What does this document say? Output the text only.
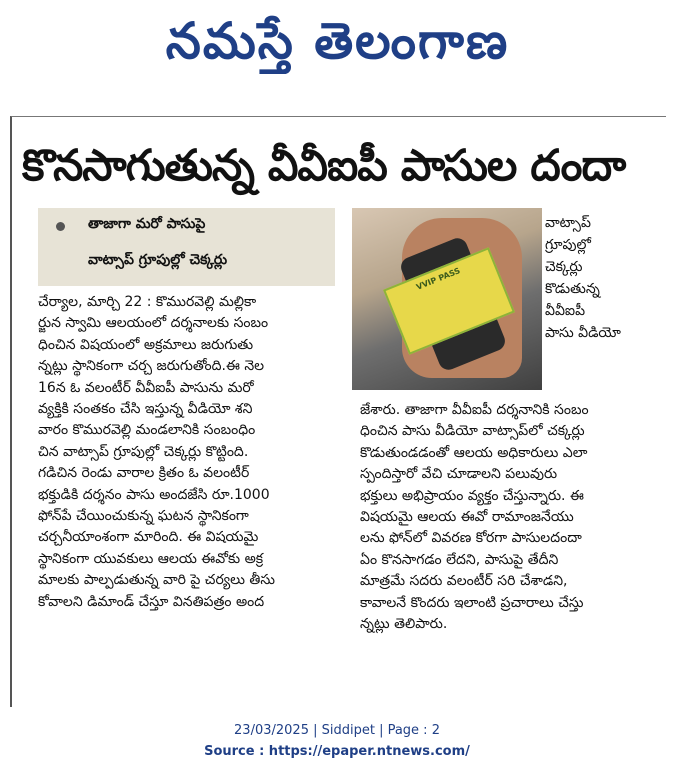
నమస్తే తెలంగాణ
కొనసాగుతున్న వీవీఐపీ పాసుల దందా
తాజాగా మరో పాసుపై
వాట్సాప్ గ్రూపుల్లో చెక్కర్లు
VVIP PASS
వాట్సాప్
గ్రూపుల్లో
చెక్కర్లు
కొడుతున్న
వీవీఐపీ
పాసు వీడియో

చేర్యాల, మార్చి 22 : కొమురవెల్లి మల్లికా

ర్జున స్వామి ఆలయంలో దర్శనాలకు సంబం

ధించిన విషయంలో అక్రమాలు జరుగుతు

న్నట్లు స్థానికంగా చర్చ జరుగుతోంది.ఈ నెల

16న ఓ వలంటీర్ వీవీఐపీ పాసును మరో

వ్యక్తికి సంతకం చేసి ఇస్తున్న వీడియో శని

వారం కొమురవెల్లి మండలానికి సంబంధిం

చిన వాట్సాప్ గ్రూపుల్లో చెక్కర్లు కొట్టింది.

గడిచిన రెండు వారాల క్రితం ఓ వలంటీర్

భక్తుడికి దర్శనం పాసు అందజేసి రూ.1000

ఫోన్‌పే చేయించుకున్న ఘటన స్థానికంగా

చర్చనీయాంశంగా మారింది. ఈ విషయమై

స్థానికంగా యువకులు ఆలయ ఈవోకు అక్ర

మాలకు పాల్పడుతున్న వారి పై చర్యలు తీసు

కోవాలని డిమాండ్ చేస్తూ వినతిపత్రం అంద

జేశారు. తాజాగా వీవీఐపీ దర్శనానికి సంబం

ధించిన పాసు వీడియో వాట్సాప్‌లో చక్కర్లు

కొడుతుండడంతో ఆలయ అధికారులు ఎలా

స్పందిస్తారో వేచి చూడాలని పలువురు

భక్తులు అభిప్రాయం వ్యక్తం చేస్తున్నారు. ఈ

విషయమై ఆలయ ఈవో రామాంజనేయు

లను ఫోన్‌లో వివరణ కోరగా పాసులదందా

ఏం కొనసాగడం లేదని, పాసుపై తేదీని

మాత్రమే సదరు వలంటీర్ సరి చేశాడని,

కావాలనే కొందరు ఇలాంటి ప్రచారాలు చేస్తు

న్నట్లు తెలిపారు.

23/03/2025 | Siddipet | Page : 2
Source : https://epaper.ntnews.com/
